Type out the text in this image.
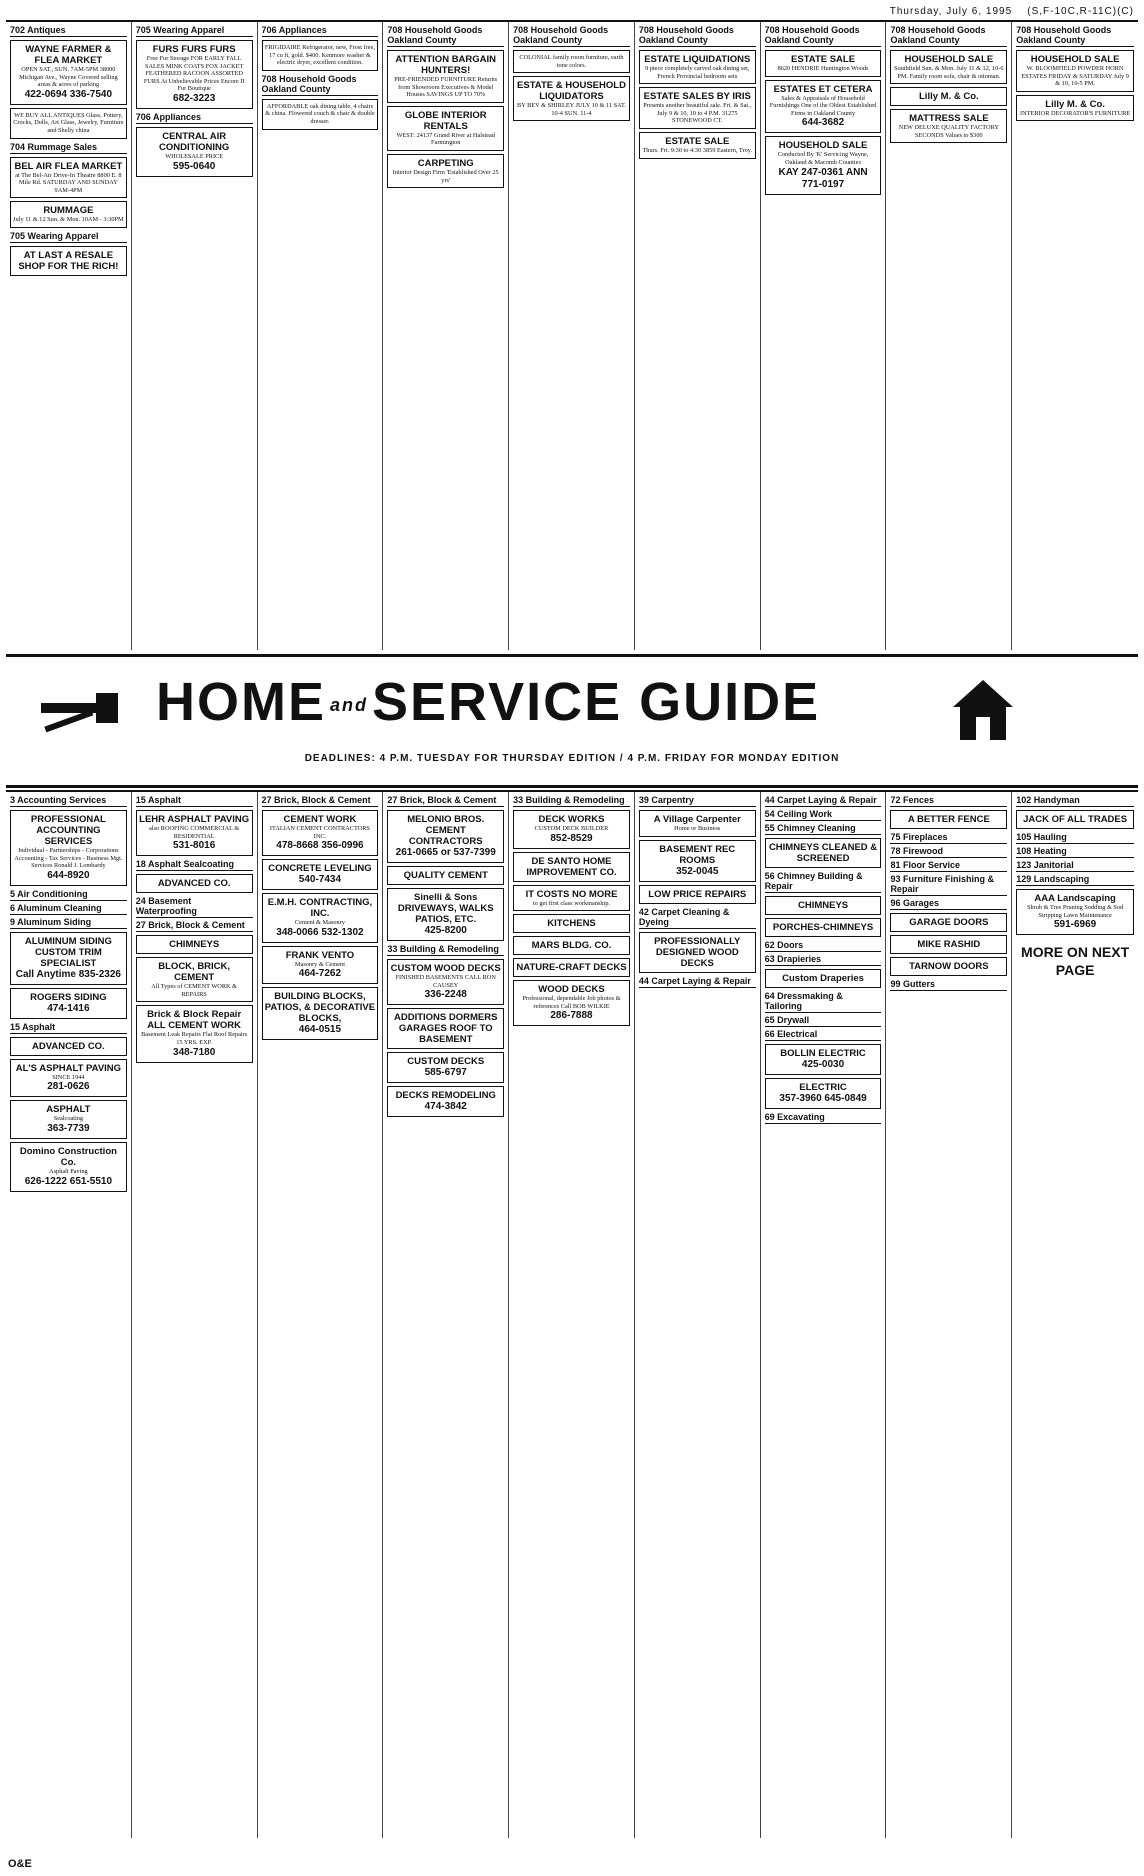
Thursday, July 6, 1995 (S,F-10C,R-11C)(C)
702 Antiques
WAYNE FARMER & FLEA MARKET
OPEN SAT., SUN. 7AM-5PM 38000 Michigan Ave., Wayne Covered selling areas & acres of parking
422-0694 336-7540
WE BUY ALL ANTIQUES Glass, Pottery, Crocks, Dolls, Art Glass, Jewelry, Furniture and Shelly china
704 Rummage Sales
BEL AIR FLEA MARKET
at The Bel-Air Drive-In Theatre 8800 E. 8 Mile Rd. SATURDAY AND SUNDAY 9AM-4PM
RUMMAGE
July 11 & 12 Sun. & Mon. 10AM - 3:30PM
705 Wearing Apparel
AT LAST A RESALE SHOP FOR THE RICH!
705 Wearing Apparel
FURS FURS FURS
Free Fur Storage FOR EARLY FALL SALES MINK COATS FOX JACKET FEATHERED RACOON ASSORTED FURS At Unbelievable Prices Encore II Fur Boutique
682-3223
706 Appliances
CENTRAL AIR CONDITIONING
WHOLESALE PRICE
595-0640
706 Appliances
FRIGIDAIRE Refrigerator, new, Frost free, 17 cu ft, gold. $400. Kenmore washer & electric dryer, excellent condition.
708 Household Goods Oakland County
AFFORDABLE oak dining table, 4 chairs & china. Flowered couch & chair & double dresser.
708 Household Goods Oakland County
ATTENTION BARGAIN HUNTERS!
PRE-FRIENDED FURNITURE Returns from Showroom Executives & Model Houses SAVINGS UP TO 70%
GLOBE INTERIOR RENTALS
WEST: 24137 Grand River at Halstead Farmington
CARPETING
Interior Design Firm 'Established Over 25 yrs'
708 Household Goods Oakland County
COLONIAL family room furniture, earth tone colors.
ESTATE & HOUSEHOLD LIQUIDATORS
BY BEV & SHIRLEY JULY 10 & 11 SAT. 10-4 SUN. 11-4
708 Household Goods Oakland County
ESTATE LIQUIDATIONS
9 piece completely carved oak dining set, French Provincial bedroom sets
ESTATE SALES BY IRIS
Presents another beautiful sale. Fri. & Sat., July 9 & 10, 10 to 4 P.M. 31275 STONEWOOD CT.
ESTATE SALE
Thurs. Fri. 9:30 to 4:30 3859 Eastern, Troy.
708 Household Goods Oakland County
ESTATE SALE
8620 HENDRIE Huntington Woods
ESTATES ET CETERA
Sales & Appraisals of Household Furnishings One of the Oldest Established Firms in Oakland County
644-3682
HOUSEHOLD SALE
Conducted By 'K' Servicing Wayne, Oakland & Macomb Counties
KAY 247-0361 ANN 771-0197
708 Household Goods Oakland County
HOUSEHOLD SALE
Southfield Sun. & Mon. July 11 & 12, 10-6 PM. Family room sofa, chair & ottoman.
Lilly M. & Co.
MATTRESS SALE
NEW DELUXE QUALITY FACTORY SECONDS Values to $300
708 Household Goods Oakland County
HOUSEHOLD SALE
W. BLOOMFIELD POWDER HORN ESTATES FRIDAY & SATURDAY July 9 & 10, 10-5 PM.
Lilly M. & Co.
INTERIOR DECORATOR'S FURNITURE
HOME andSERVICE GUIDE
DEADLINES: 4 P.M. TUESDAY FOR THURSDAY EDITION / 4 P.M. FRIDAY FOR MONDAY EDITION
3 Accounting Services
PROFESSIONAL ACCOUNTING SERVICES
Individual - Partnerships - Corporations Accounting - Tax Services - Business Mgt. Services Ronald J. Lombardy
644-8920
5 Air Conditioning
6 Aluminum Cleaning
9 Aluminum Siding
ALUMINUM SIDING CUSTOM TRIM SPECIALIST
Call Anytime 835-2326
ROGERS SIDING
474-1416
15 Asphalt
ADVANCED CO.
AL'S ASPHALT PAVING
SINCE 1944
281-0626
ASPHALT
Sealcoating
363-7739
Domino Construction Co.
Asphalt Paving
626-1222 651-5510
15 Asphalt
LEHR ASPHALT PAVING
also ROOFING COMMERCIAL & RESIDENTIAL
531-8016
18 Asphalt Sealcoating
ADVANCED CO.
24 Basement Waterproofing
27 Brick, Block & Cement
CHIMNEYS
BLOCK, BRICK, CEMENT
All Types of CEMENT WORK & REPAIRS
Brick & Block Repair ALL CEMENT WORK
Basement Leak Repairs Flat Roof Repairs 15 YRS. EXP.
348-7180
27 Brick, Block & Cement
CEMENT WORK
ITALIAN CEMENT CONTRACTORS INC.
478-8668 356-0996
CONCRETE LEVELING
540-7434
E.M.H. CONTRACTING, INC.
Cement & Masonry
348-0066 532-1302
FRANK VENTO
Masonry & Cement
464-7262
BUILDING BLOCKS, PATIOS, & DECORATIVE BLOCKS,
464-0515
27 Brick, Block & Cement
MELONIO BROS. CEMENT CONTRACTORS
261-0665 or 537-7399
QUALITY CEMENT
Sinelli & Sons DRIVEWAYS, WALKS PATIOS, ETC.
425-8200
33 Building & Remodeling
CUSTOM WOOD DECKS
FINISHED BASEMENTS CALL RON CAUSEY
336-2248
ADDITIONS DORMERS GARAGES ROOF TO BASEMENT
CUSTOM DECKS
585-6797
DECKS REMODELING
474-3842
33 Building & Remodeling
DECK WORKS
CUSTOM DECK BUILDER
852-8529
DE SANTO HOME IMPROVEMENT CO.
IT COSTS NO MORE
to get first class workmanship.
KITCHENS
MARS BLDG. CO.
NATURE-CRAFT DECKS
WOOD DECKS
Professional, dependable Job photos & references Call BOB WILKIE
286-7888
39 Carpentry
A Village Carpenter
Home or Business
BASEMENT REC ROOMS
352-0045
LOW PRICE REPAIRS
42 Carpet Cleaning & Dyeing
PROFESSIONALLY DESIGNED WOOD DECKS
44 Carpet Laying & Repair
44 Carpet Laying & Repair
54 Ceiling Work
55 Chimney Cleaning
CHIMNEYS CLEANED & SCREENED
56 Chimney Building & Repair
CHIMNEYS
PORCHES-CHIMNEYS
62 Doors
63 Drapieries
Custom Draperies
64 Dressmaking & Tailoring
65 Drywall
66 Electrical
BOLLIN ELECTRIC
425-0030
ELECTRIC
357-3960 645-0849
69 Excavating
72 Fences
A BETTER FENCE
75 Fireplaces
78 Firewood
81 Floor Service
93 Furniture Finishing & Repair
96 Garages
GARAGE DOORS
MIKE RASHID
TARNOW DOORS
99 Gutters
102 Handyman
JACK OF ALL TRADES
105 Hauling
108 Heating
123 Janitorial
129 Landscaping
AAA Landscaping
Shrub & Tree Pruning Sodding & Sod Stripping Lawn Maintenance
591-6969
MORE ON NEXT PAGE
O&E
